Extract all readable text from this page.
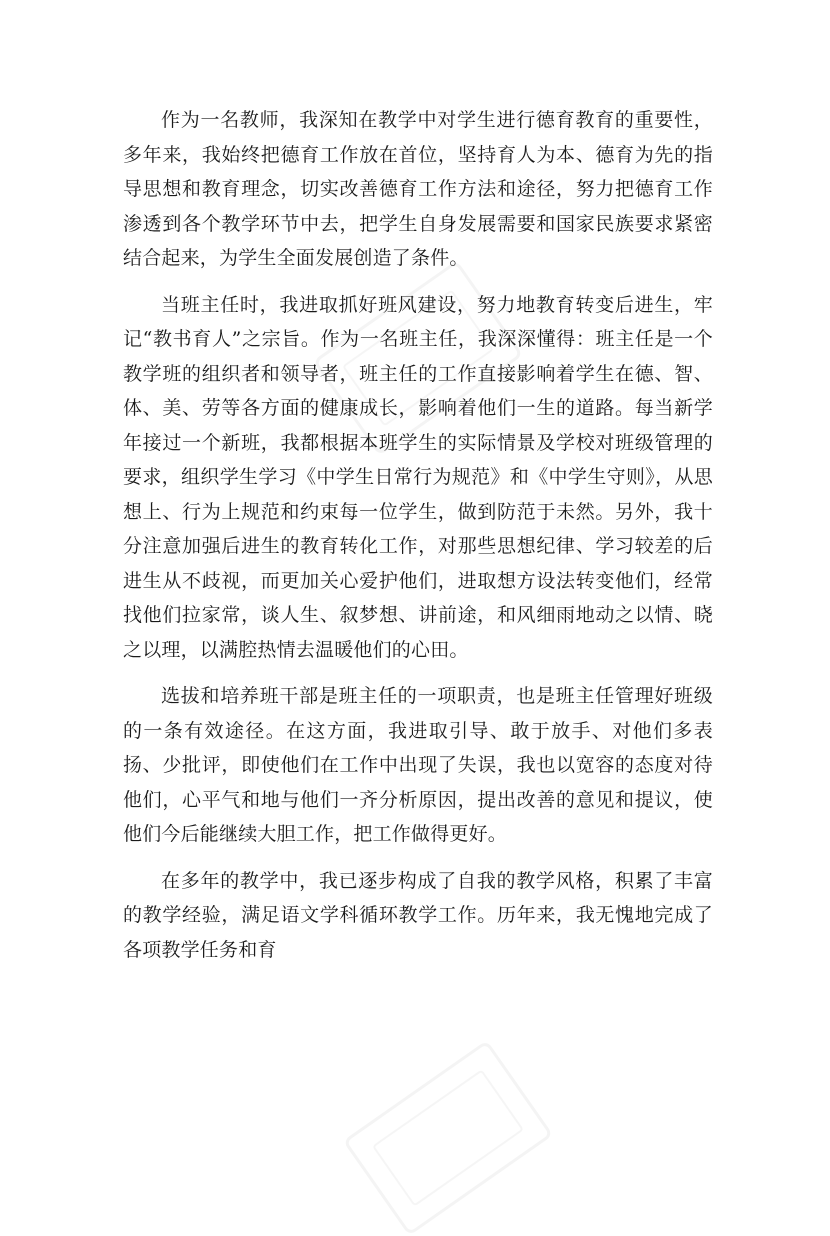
作为一名教师，我深知在教学中对学生进行德育教育的重要性，多年来，我始终把德育工作放在首位，坚持育人为本、德育为先的指导思想和教育理念，切实改善德育工作方法和途径，努力把德育工作渗透到各个教学环节中去，把学生自身发展需要和国家民族要求紧密结合起来，为学生全面发展创造了条件。

当班主任时，我进取抓好班风建设，努力地教育转变后进生，牢记“教书育人”之宗旨。作为一名班主任，我深深懂得：班主任是一个教学班的组织者和领导者，班主任的工作直接影响着学生在德、智、体、美、劳等各方面的健康成长，影响着他们一生的道路。每当新学年接过一个新班，我都根据本班学生的实际情景及学校对班级管理的要求，组织学生学习《中学生日常行为规范》和《中学生守则》，从思想上、行为上规范和约束每一位学生，做到防范于未然。另外，我十分注意加强后进生的教育转化工作，对那些思想纪律、学习较差的后进生从不歧视，而更加关心爱护他们，进取想方设法转变他们，经常找他们拉家常，谈人生、叙梦想、讲前途，和风细雨地动之以情、晓之以理，以满腔热情去温暖他们的心田。

选拔和培养班干部是班主任的一项职责，也是班主任管理好班级的一条有效途径。在这方面，我进取引导、敢于放手、对他们多表扬、少批评，即使他们在工作中出现了失误，我也以宽容的态度对待他们，心平气和地与他们一齐分析原因，提出改善的意见和提议，使他们今后能继续大胆工作，把工作做得更好。

在多年的教学中，我已逐步构成了自我的教学风格，积累了丰富的教学经验，满足语文学科循环教学工作。历年来，我无愧地完成了各项教学任务和育
